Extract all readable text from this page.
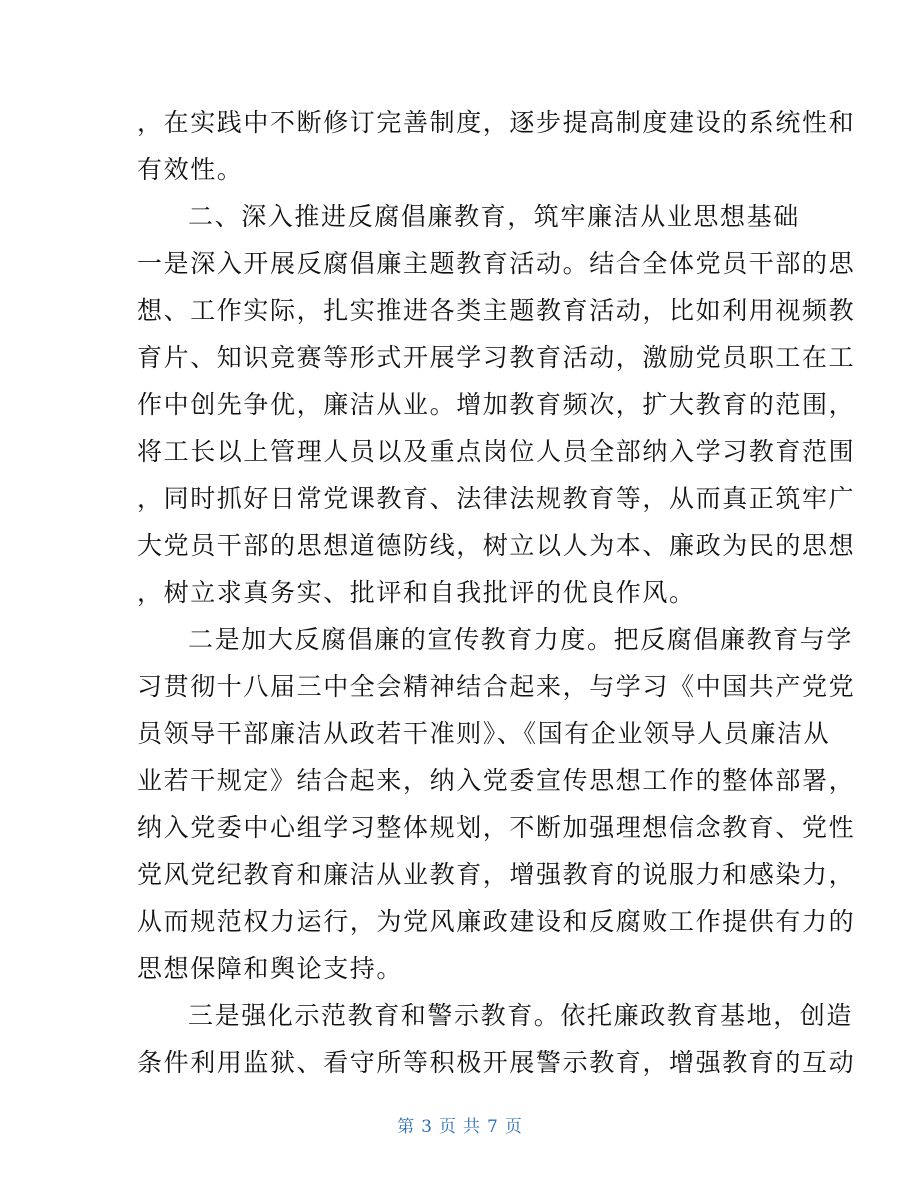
，在实践中不断修订完善制度，逐步提高制度建设的系统性和
有效性。
二、深入推进反腐倡廉教育，筑牢廉洁从业思想基础
一是深入开展反腐倡廉主题教育活动。结合全体党员干部的思
想、工作实际，扎实推进各类主题教育活动，比如利用视频教
育片、知识竞赛等形式开展学习教育活动，激励党员职工在工
作中创先争优，廉洁从业。增加教育频次，扩大教育的范围，
将工长以上管理人员以及重点岗位人员全部纳入学习教育范围
，同时抓好日常党课教育、法律法规教育等，从而真正筑牢广
大党员干部的思想道德防线，树立以人为本、廉政为民的思想
，树立求真务实、批评和自我批评的优良作风。
二是加大反腐倡廉的宣传教育力度。把反腐倡廉教育与学
习贯彻十八届三中全会精神结合起来，与学习《中国共产党党
员领导干部廉洁从政若干准则》、《国有企业领导人员廉洁从
业若干规定》结合起来，纳入党委宣传思想工作的整体部署，
纳入党委中心组学习整体规划，不断加强理想信念教育、党性
党风党纪教育和廉洁从业教育，增强教育的说服力和感染力，
从而规范权力运行，为党风廉政建设和反腐败工作提供有力的
思想保障和舆论支持。
三是强化示范教育和警示教育。依托廉政教育基地，创造
条件利用监狱、看守所等积极开展警示教育，增强教育的互动
第 3 页 共 7 页
